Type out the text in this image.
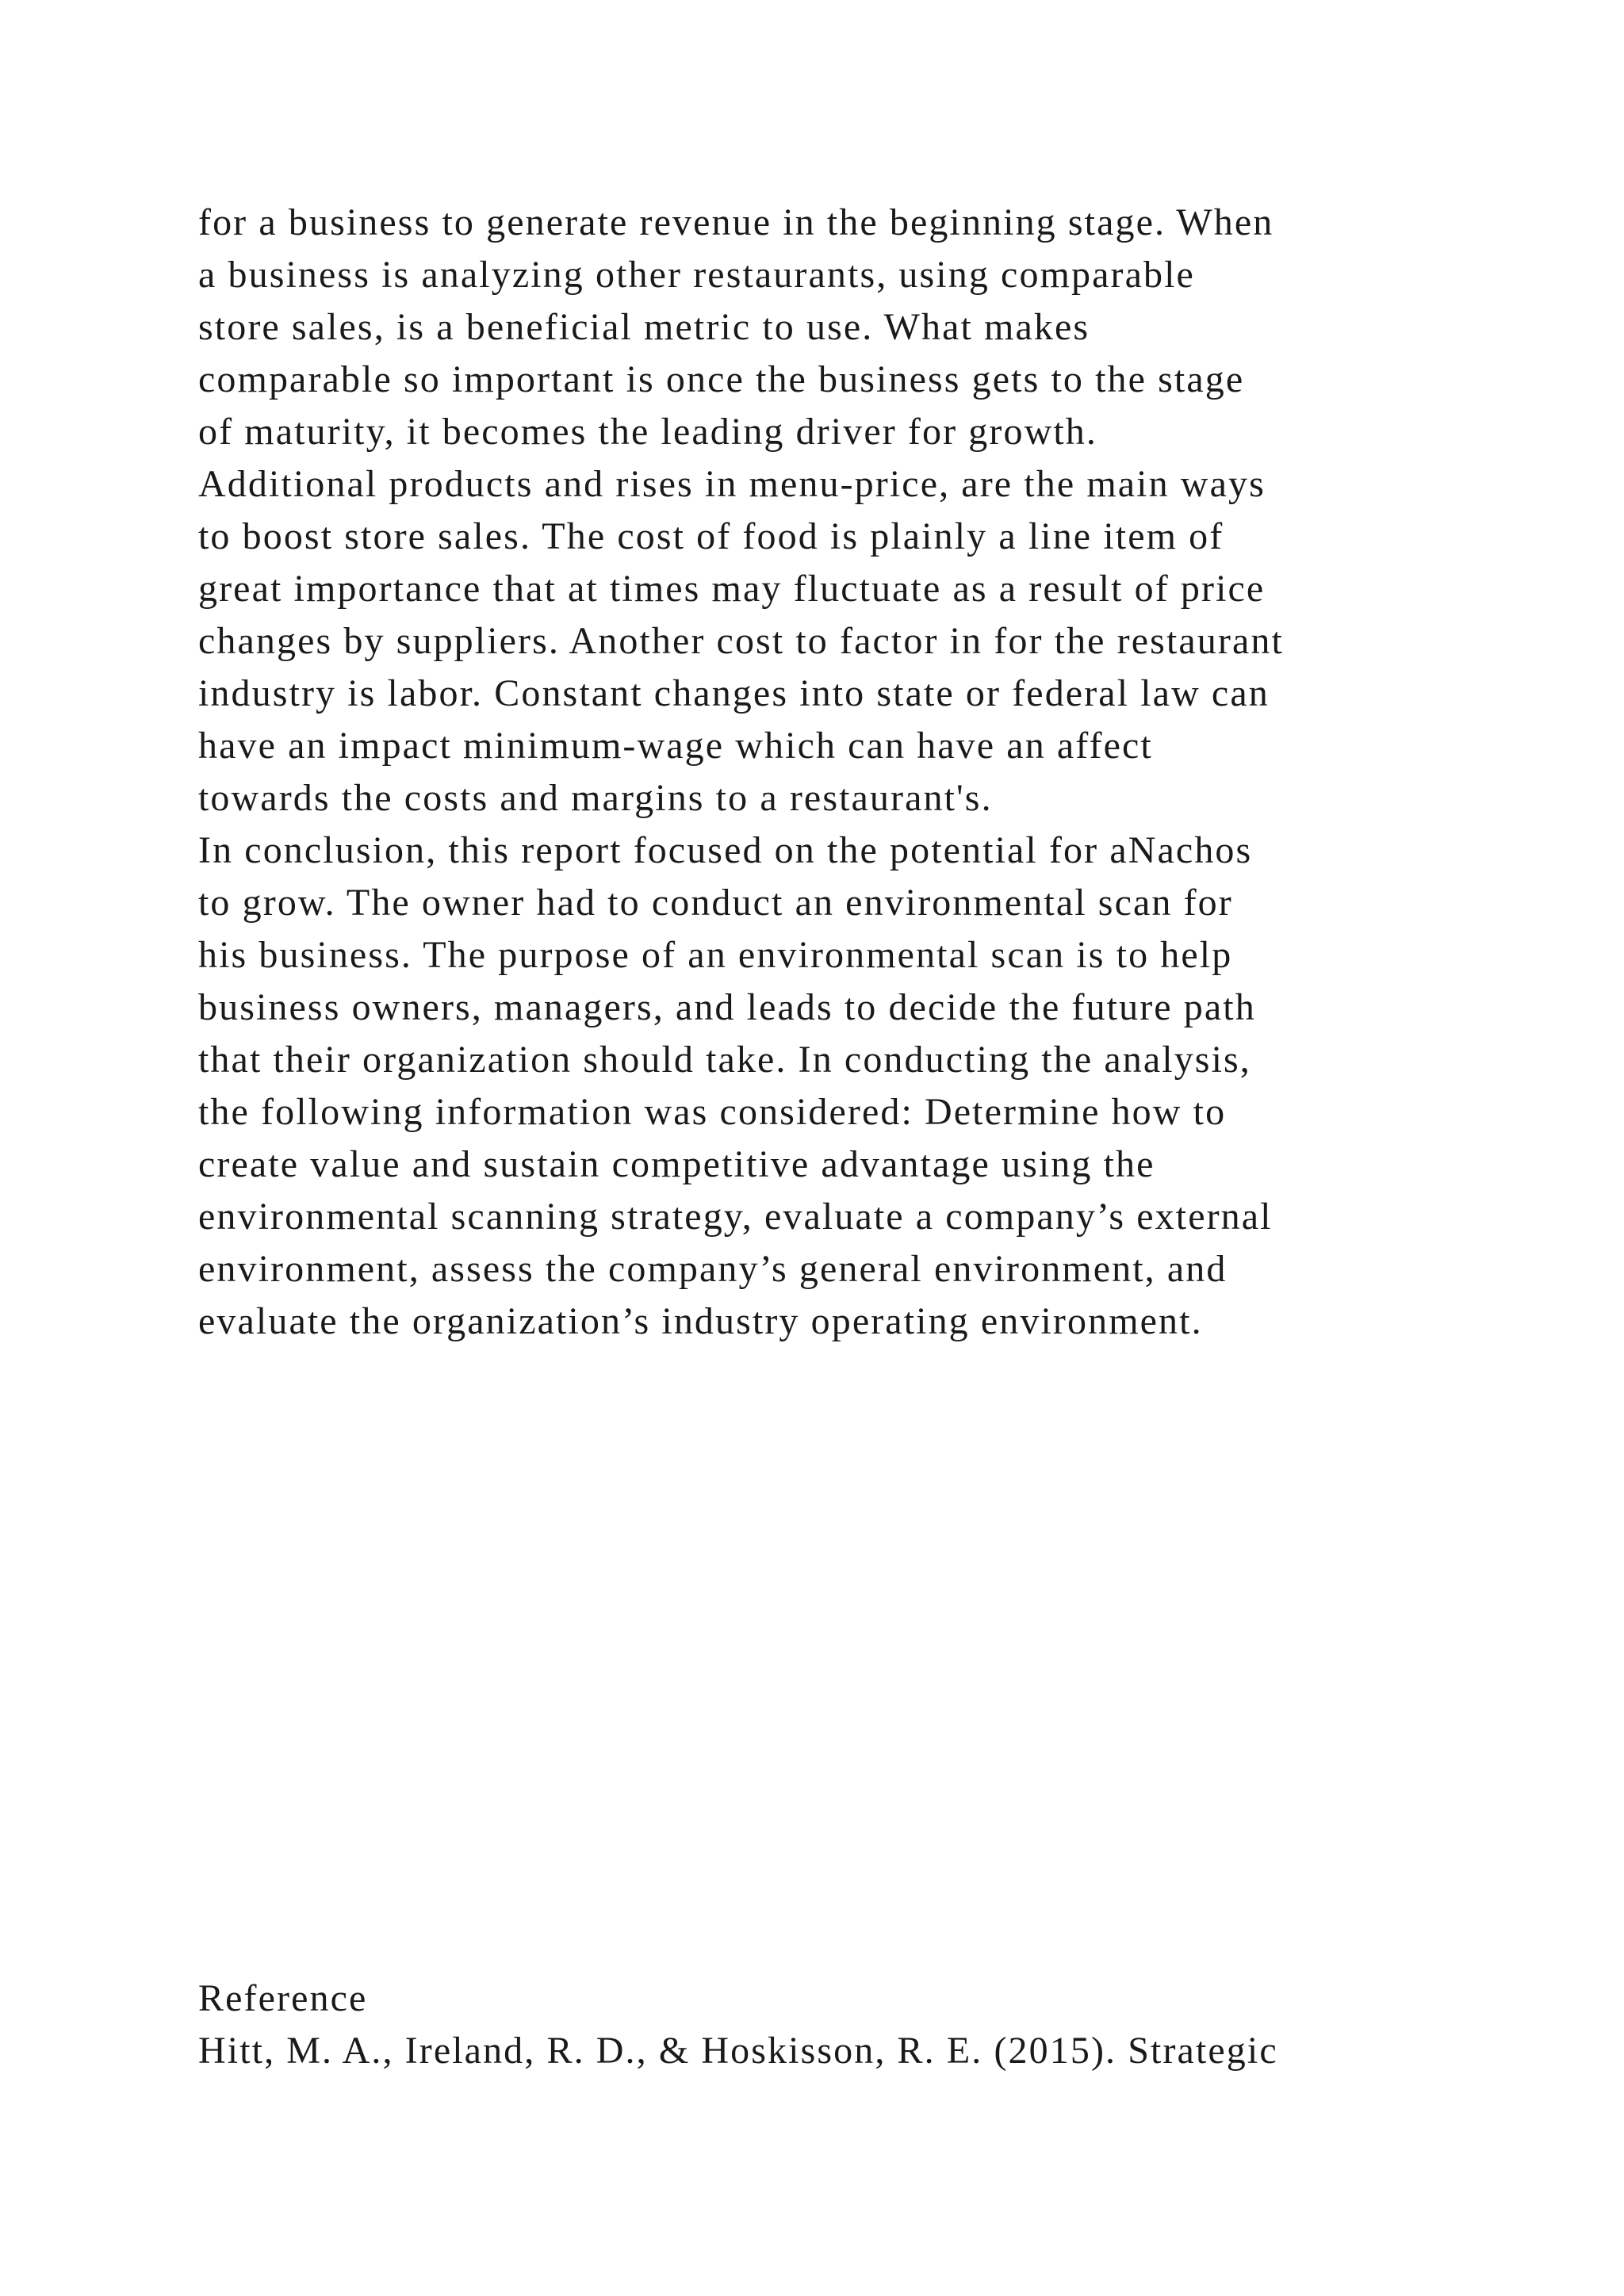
for a business to generate revenue in the beginning stage. When
a business is analyzing other restaurants, using comparable
store sales, is a beneficial metric to use. What makes
comparable so important is once the business gets to the stage
of maturity, it becomes the leading driver for growth.
Additional products and rises in menu-price, are the main ways
to boost store sales. The cost of food is plainly a line item of
great importance that at times may fluctuate as a result of price
changes by suppliers. Another cost to factor in for the restaurant
industry is labor. Constant changes into state or federal law can
have an impact minimum-wage which can have an affect
towards the costs and margins to a restaurant's.
In conclusion, this report focused on the potential for aNachos
to grow. The owner had to conduct an environmental scan for
his business. The purpose of an environmental scan is to help
business owners, managers, and leads to decide the future path
that their organization should take. In conducting the analysis,
the following information was considered: Determine how to
create value and sustain competitive advantage using the
environmental scanning strategy, evaluate a company’s external
environment, assess the company’s general environment, and
evaluate the organization’s industry operating environment.
Reference
Hitt, M. A., Ireland, R. D., & Hoskisson, R. E. (2015). Strategic
